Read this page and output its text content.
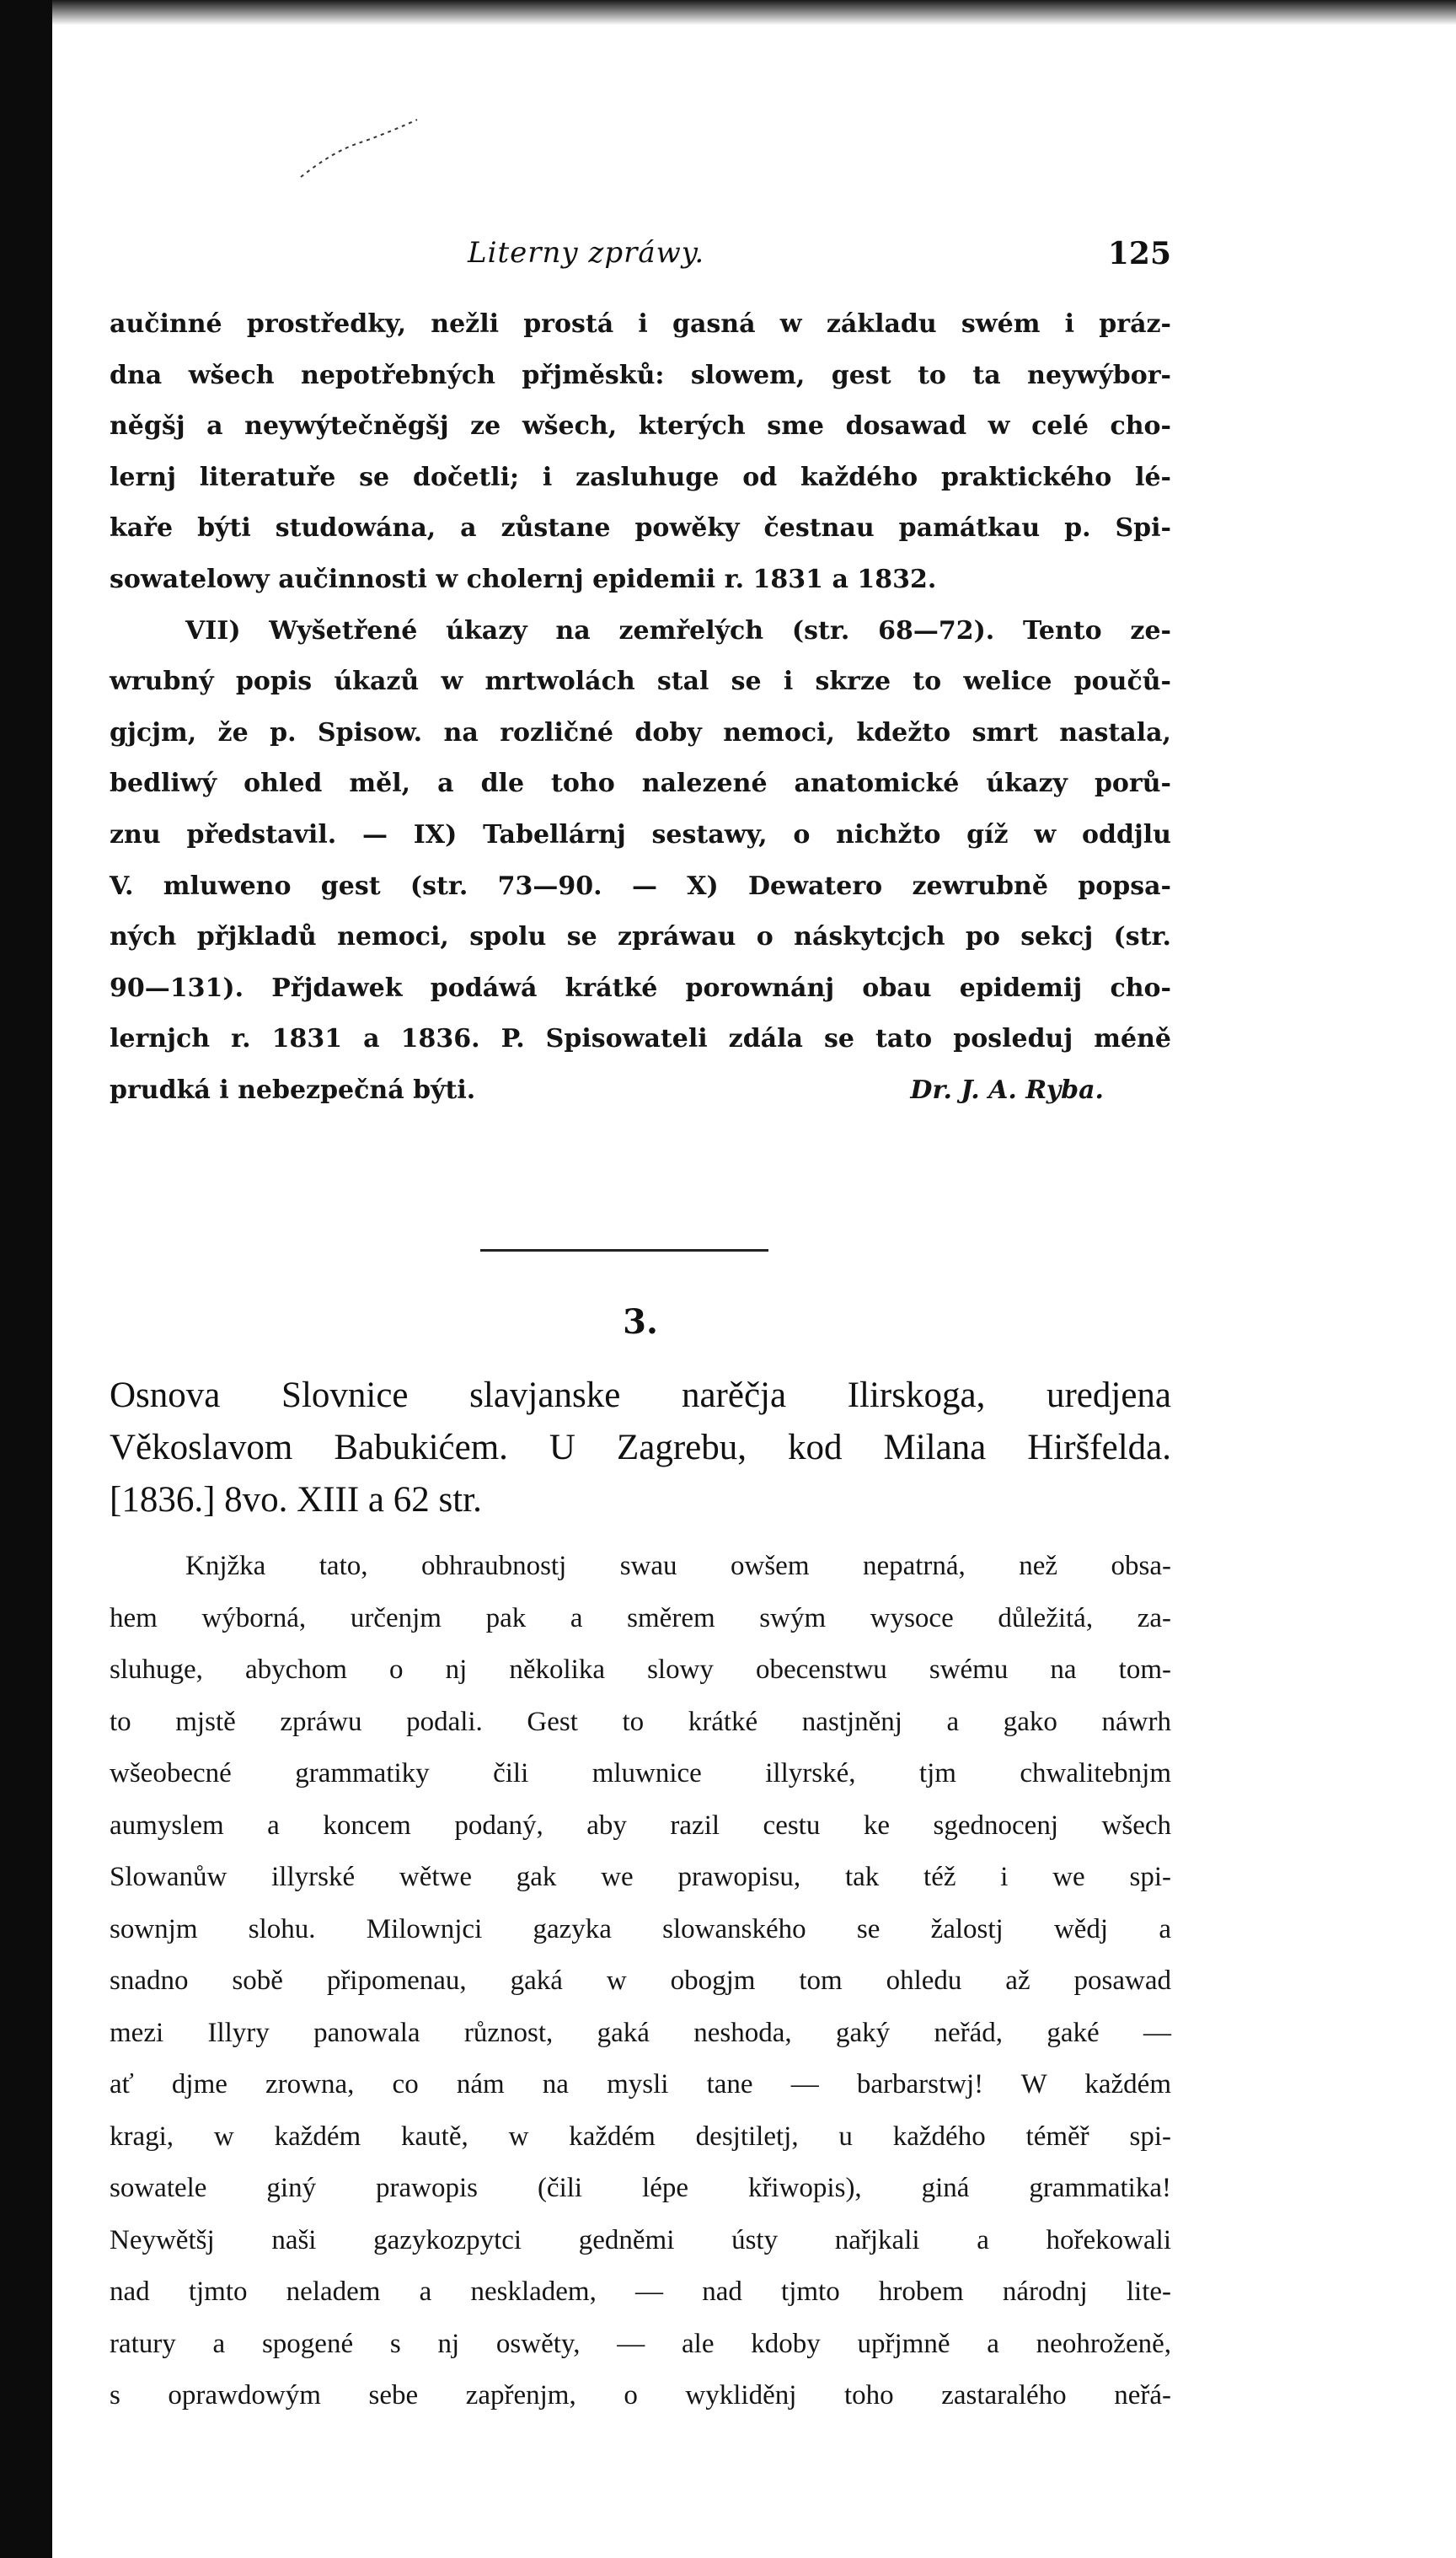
Literny zpráwy.	125
aučinné prostředky, nežli prostá i gasná w základu swém i práz-
dna wšech nepotřebných přjměsků: slowem, gest to ta neywýbor-
něgšj a neywýtečněgšj ze wšech, kterých sme dosawad w celé cho-
lernj literatuře se dočetli; i zasluhuge od každého praktického lé-
kaře býti studowána, a zůstane powěky čestnau památkau p. Spi-
sowatelowy aučinnosti w cholernj epidemii r. 1831 a 1832.
VII) Wyšetřené úkazy na zemřelých (str. 68—72). Tento ze-
wrubný popis úkazů w mrtwolách stal se i skrze to welice poučů-
gjcjm, že p. Spisow. na rozličné doby nemoci, kdežto smrt nastala,
bedliwý ohled měl, a dle toho nalezené anatomické úkazy porů-
znu představil. — IX) Tabellárnj sestawy, o nichžto gíž w oddjlu
V. mluweno gest (str. 73—90. — X) Dewatero zewrubně popsa-
ných přjkladů nemoci, spolu se zpráwau o náskytcjch po sekcj (str.
90—131). Přjdawek podáwá krátké porownánj obau epidemij cho-
lernjch r. 1831 a 1836. P. Spisowateli zdála se tato posleduj méně
prudká i nebezpečná býti.	Dr. J. A. Ryba.
3.
Osnova Slovnice slavjanske narěčja Ilirskoga, uredjena
Věkoslavom Babukićem. U Zagrebu, kod Milana Hiršfelda.
[1836.] 8vo. XIII a 62 str.
Knjžka tato, obhraubnostj swau owšem nepatrná, než obsa-
hem wýborná, určenjm pak a směrem swým wysoce důležitá, za-
sluhuge, abychom o nj několika slowy obecenstwu swému na tom-
to mjstě zpráwu podali. Gest to krátké nastjněnj a gako náwrh
wšeobecné grammatiky čili mluwnice illyrské, tjm chwalitebnjm
aumyslem a koncem podaný, aby razil cestu ke sgednocenj wšech
Slowanůw illyrské wětwe gak we prawopisu, tak též i we spi-
sownjm slohu. Milownjci gazyka slowanského se žalostj wědj a
snadno sobě připomenau, gaká w obogjm tom ohledu až posawad
mezi Illyry panowala různost, gaká neshoda, gaký neřád, gaké —
ať djme zrowna, co nám na mysli tane — barbarstwj! W každém
kragi, w každém kautě, w každém desjtiletj, u každého téměř spi-
sowatele giný prawopis (čili lépe křiwopis), giná grammatika!
Neywětšj naši gazykozpytci gedněmi ústy nařjkali a hořekowali
nad tjmto neladem a neskladem, — nad tjmto hrobem národnj lite-
ratury a spogené s nj oswěty, — ale kdoby upřjmně a neohroženě,
s oprawdowým sebe zapřenjm, o wykliděnj toho zastaralého neřá-
